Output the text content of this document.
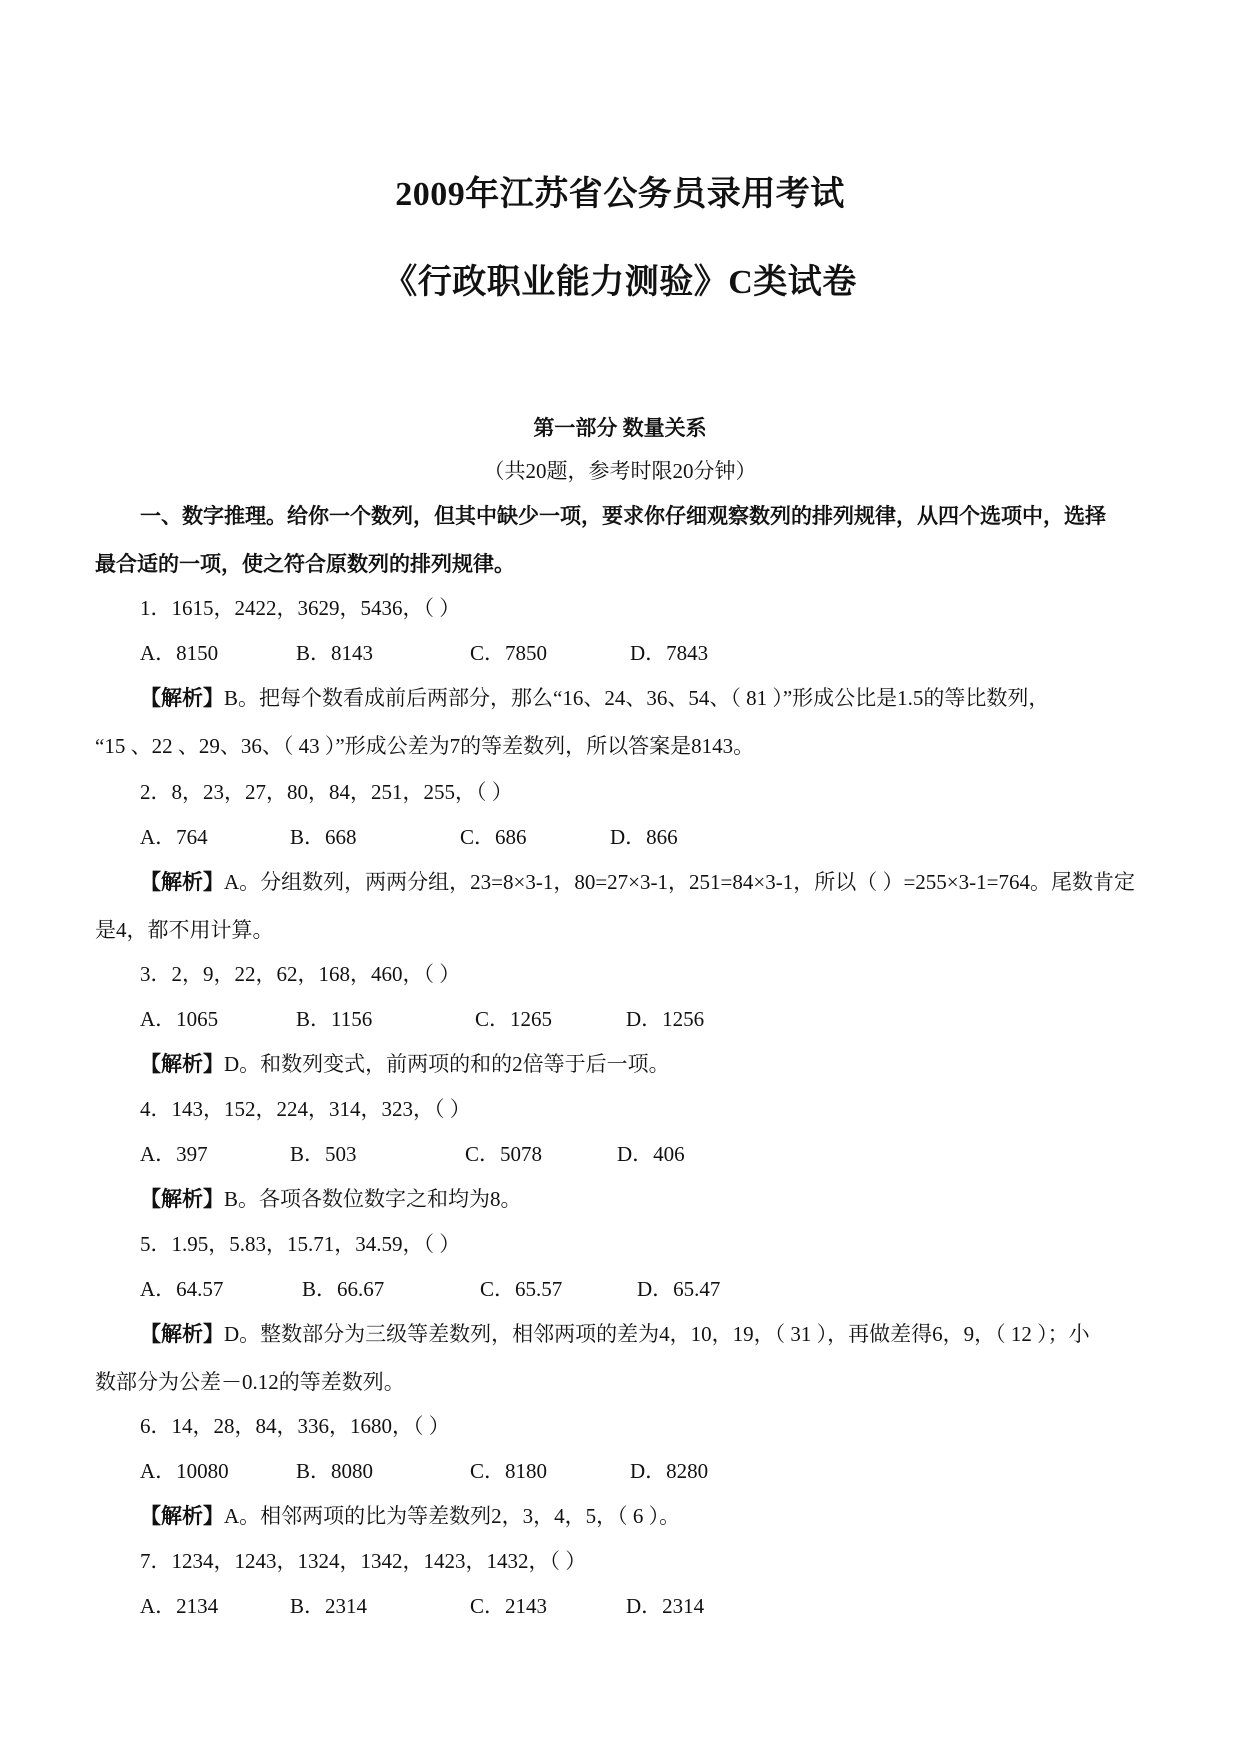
2009年江苏省公务员录用考试
《行政职业能力测验》C类试卷
第一部分 数量关系
（共20题，参考时限20分钟）
一、数字推理。给你一个数列，但其中缺少一项，要求你仔细观察数列的排列规律，从四个选项中，选择
最合适的一项，使之符合原数列的排列规律。
1．1615，2422，3629，5436，（ ）
A．8150	B．8143	C．7850	D．7843
【解析】B。把每个数看成前后两部分，那么“16、24、36、54、（ 81 ）”形成公比是1.5的等比数列，
“15 、22 、29、36、（ 43 ）”形成公差为7的等差数列，所以答案是8143。
2．8，23，27，80，84，251，255，（ ）
A．764	B．668	C．686	D．866
【解析】A。分组数列，两两分组，23=8×3-1，80=27×3-1，251=84×3-1，所以（ ）=255×3-1=764。尾数肯定
是4，都不用计算。
3．2，9，22，62，168，460，（ ）
A．1065	B．1156	C．1265	D．1256
【解析】D。和数列变式，前两项的和的2倍等于后一项。
4．143，152，224，314，323，（ ）
A．397	B．503	C．5078	D．406
【解析】B。各项各数位数字之和均为8。
5．1.95，5.83，15.71，34.59，（ ）
A．64.57	B．66.67	C．65.57	D．65.47
【解析】D。整数部分为三级等差数列，相邻两项的差为4，10，19，（ 31 ），再做差得6，9，（ 12 ）；小
数部分为公差－0.12的等差数列。
6．14，28，84，336，1680，（ ）
A．10080	B．8080	C．8180	D．8280
【解析】A。相邻两项的比为等差数列2，3，4，5，（ 6 ）。
7．1234，1243，1324，1342，1423，1432，（ ）
A．2134	B．2314	C．2143	D．2314
